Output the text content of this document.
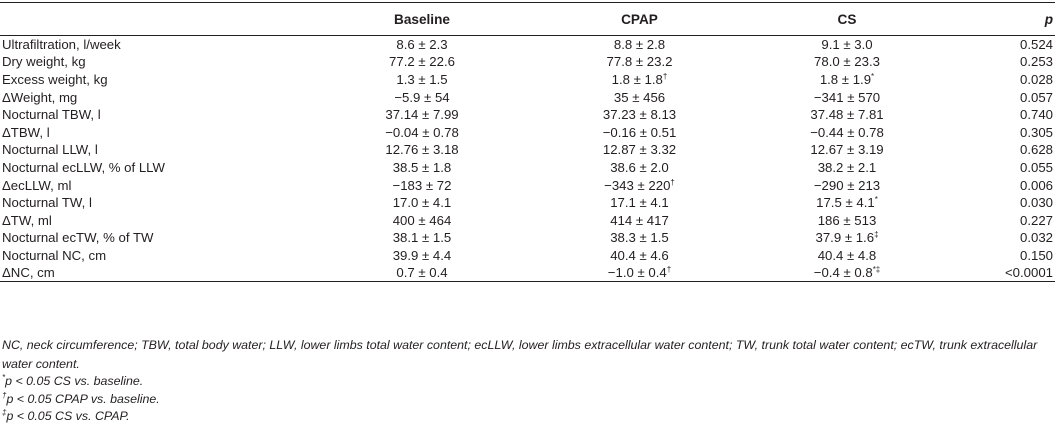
	Baseline	CPAP	CS	p
Ultrafiltration, l/week	8.6 ± 2.3	8.8 ± 2.8	9.1 ± 3.0	0.524
Dry weight, kg	77.2 ± 22.6	77.8 ± 23.2	78.0 ± 23.3	0.253
Excess weight, kg	1.3 ± 1.5	1.8 ± 1.8†	1.8 ± 1.9*	0.028
ΔWeight, mg	−5.9 ± 54	35 ± 456	−341 ± 570	0.057
Nocturnal TBW, l	37.14 ± 7.99	37.23 ± 8.13	37.48 ± 7.81	0.740
ΔTBW, l	−0.04 ± 0.78	−0.16 ± 0.51	−0.44 ± 0.78	0.305
Nocturnal LLW, l	12.76 ± 3.18	12.87 ± 3.32	12.67 ± 3.19	0.628
Nocturnal ecLLW, % of LLW	38.5 ± 1.8	38.6 ± 2.0	38.2 ± 2.1	0.055
ΔecLLW, ml	−183 ± 72	−343 ± 220†	−290 ± 213	0.006
Nocturnal TW, l	17.0 ± 4.1	17.1 ± 4.1	17.5 ± 4.1*	0.030
ΔTW, ml	400 ± 464	414 ± 417	186 ± 513	0.227
Nocturnal ecTW, % of TW	38.1 ± 1.5	38.3 ± 1.5	37.9 ± 1.6‡	0.032
Nocturnal NC, cm	39.9 ± 4.4	40.4 ± 4.6	40.4 ± 4.8	0.150
ΔNC, cm	0.7 ± 0.4	−1.0 ± 0.4†	−0.4 ± 0.8*‡	<0.0001

NC, neck circumference; TBW, total body water; LLW, lower limbs total water content; ecLLW, lower limbs extracellular water content; TW, trunk total water content; ecTW, trunk extracellular water content.

*p < 0.05 CS vs. baseline.

†p < 0.05 CPAP vs. baseline.

‡p < 0.05 CS vs. CPAP.
